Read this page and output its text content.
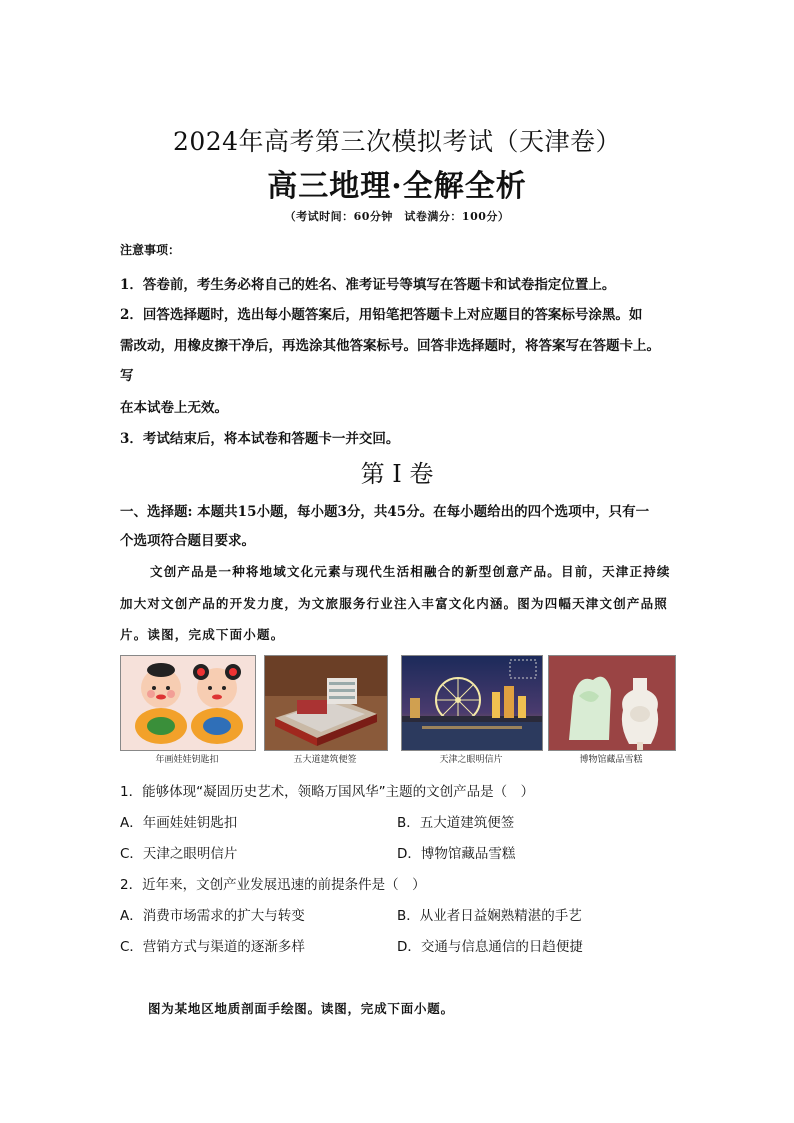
2024年高考第三次模拟考试（天津卷）
高三地理·全解全析
（考试时间：60分钟　试卷满分：100分）
注意事项：
1．答卷前，考生务必将自己的姓名、准考证号等填写在答题卡和试卷指定位置上。
2．回答选择题时，选出每小题答案后，用铅笔把答题卡上对应题目的答案标号涂黑。如
需改动，用橡皮擦干净后，再选涂其他答案标号。回答非选择题时，将答案写在答题卡上。
写
在本试卷上无效。
3．考试结束后，将本试卷和答题卡一并交回。
第 I 卷
一、选择题: 本题共15小题，每小题3分，共45分。在每小题给出的四个选项中，只有一
个选项符合题目要求。
文创产品是一种将地域文化元素与现代生活相融合的新型创意产品。目前，天津正持续
加大对文创产品的开发力度，为文旅服务行业注入丰富文化内涵。图为四幅天津文创产品照
片。读图，完成下面小题。
年画娃娃钥匙扣	五大道建筑便签	天津之眼明信片	博物馆藏品雪糕
1．能够体现“凝固历史艺术，领略万国风华”主题的文创产品是（　）
A．年画娃娃钥匙扣	B．五大道建筑便签
C．天津之眼明信片	D．博物馆藏品雪糕
2．近年来，文创产业发展迅速的前提条件是（　）
A．消费市场需求的扩大与转变	B．从业者日益娴熟精湛的手艺
C．营销方式与渠道的逐渐多样	D．交通与信息通信的日趋便捷
图为某地区地质剖面手绘图。读图，完成下面小题。
